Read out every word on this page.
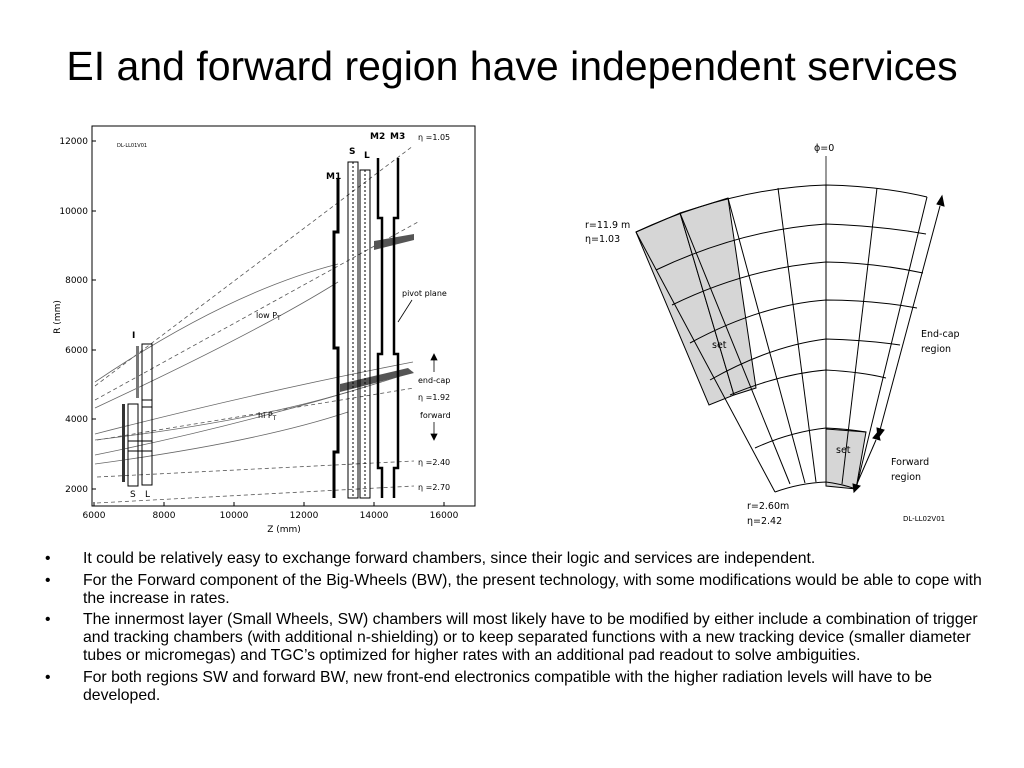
EI and forward region have independent services
DL-LL01V01
12000
10000
8000
6000
4000
2000
6000	8000	10000	12000	14000	16000
Z (mm)
R (mm)
I
S L
M1
M2 M3
S L
η =1.05
pivot plane
end-cap
η =1.92
forward
η =2.40
η =2.70
low $P_T$
hi $P_T$
ϕ=0
r=11.9 m
η=1.03
End-cap
region
set
set
Forward
region
r=2.60m
η=2.42	DL-LL02V01
• It could be relatively easy to exchange forward chambers, since their logic and services are independent.
• For the Forward component of the Big-Wheels (BW), the present technology, with some modifications would be able to cope with the increase in rates.
• The innermost layer (Small Wheels, SW) chambers will most likely have to be modified by either include a combination of trigger and tracking chambers (with additional n-shielding) or to keep separated functions with a new tracking device (smaller diameter tubes or micromegas) and TGC’s optimized for higher rates with an additional pad readout to solve ambiguities.
• For both regions SW and forward BW, new front-end electronics compatible with the higher radiation levels will have to be developed.
